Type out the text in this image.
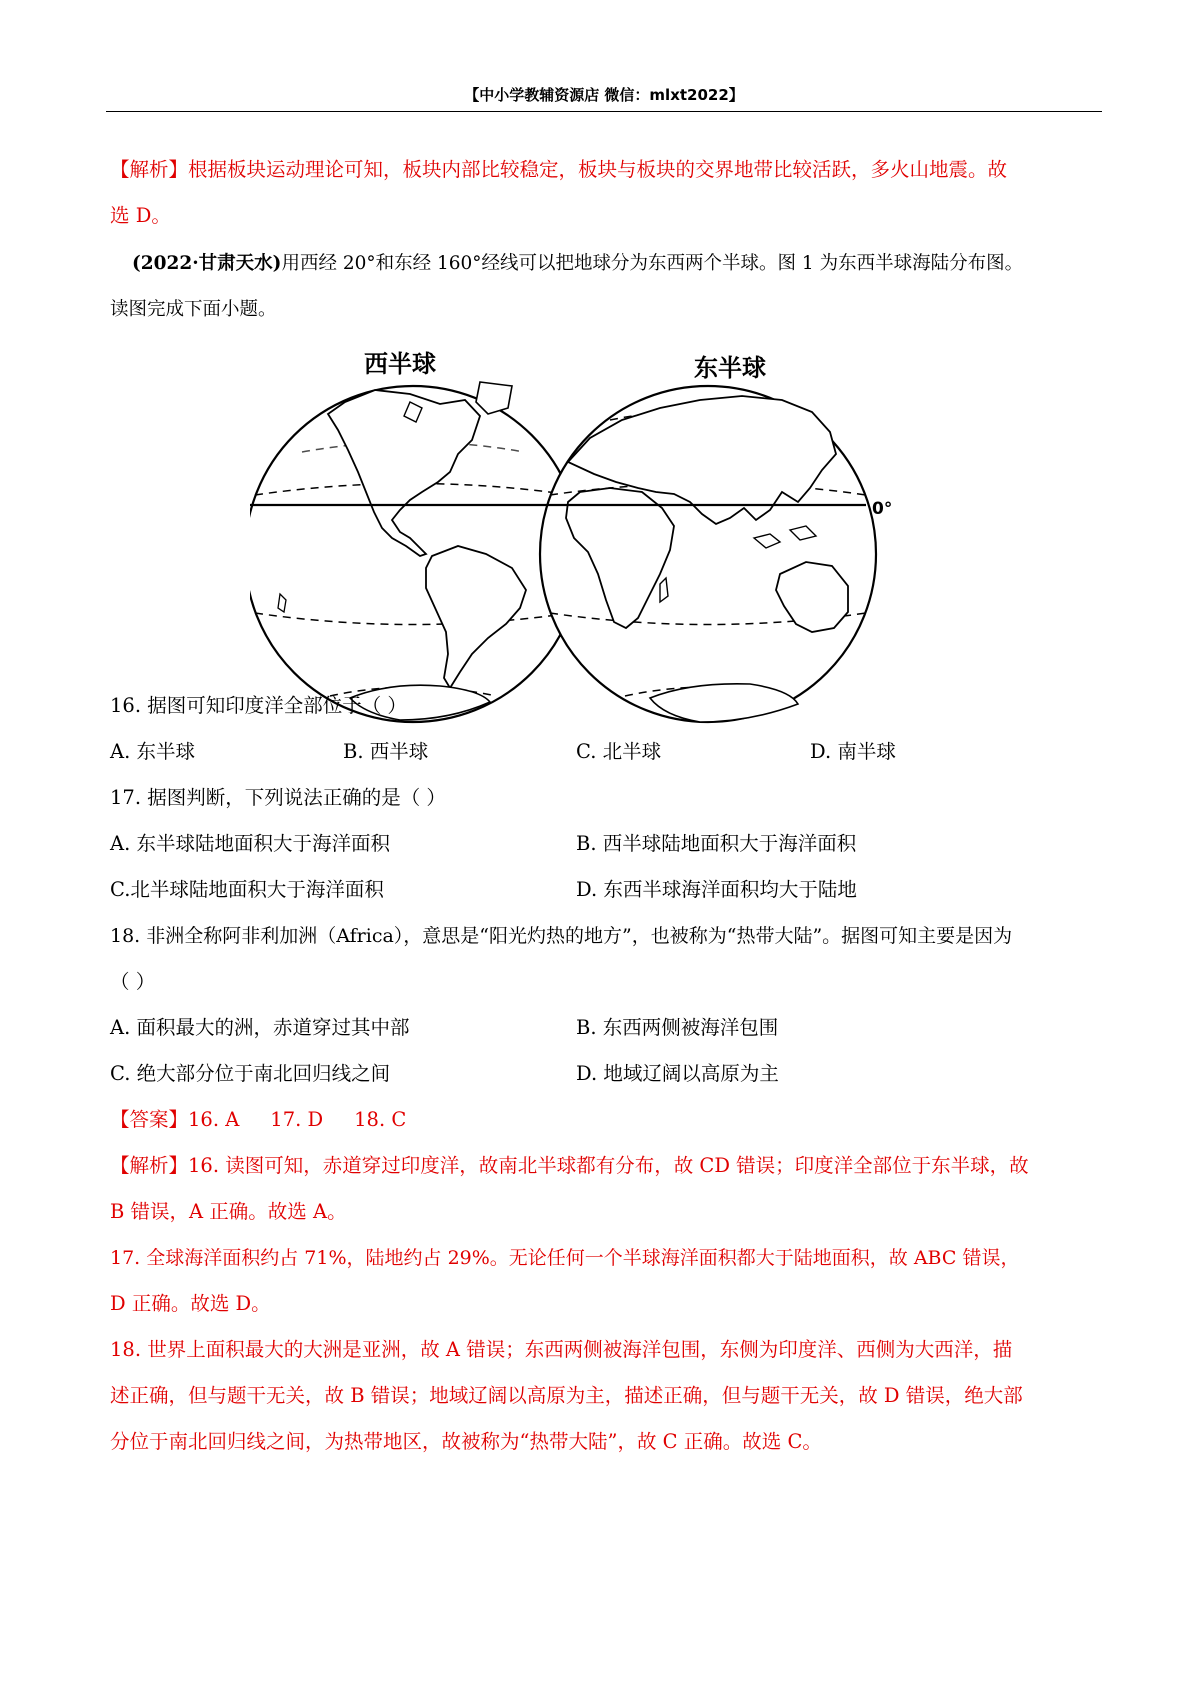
【中小学教辅资源店 微信：mlxt2022】
【解析】根据板块运动理论可知，板块内部比较稳定，板块与板块的交界地带比较活跃，多火山地震。故
选 D。
(2022·甘肃天水)用西经 20°和东经 160°经线可以把地球分为东西两个半球。图 1 为东西半球海陆分布图。
读图完成下面小题。
西半球	东半球
0°
16. 据图可知印度洋全部位于（ ）
A. 东半球	B. 西半球	C. 北半球	D. 南半球
17. 据图判断，下列说法正确的是（ ）
A. 东半球陆地面积大于海洋面积	B. 西半球陆地面积大于海洋面积
C.北半球陆地面积大于海洋面积	D. 东西半球海洋面积均大于陆地
18. 非洲全称阿非利加洲（Africa），意思是“阳光灼热的地方”，也被称为“热带大陆”。据图可知主要是因为
（ ）
A. 面积最大的洲，赤道穿过其中部	B. 东西两侧被海洋包围
C. 绝大部分位于南北回归线之间	D. 地域辽阔以高原为主
【答案】16. A     17. D     18. C
【解析】16. 读图可知，赤道穿过印度洋，故南北半球都有分布，故 CD 错误；印度洋全部位于东半球，故
B 错误，A 正确。故选 A。
17. 全球海洋面积约占 71%，陆地约占 29%。无论任何一个半球海洋面积都大于陆地面积，故 ABC 错误，
D 正确。故选 D。
18. 世界上面积最大的大洲是亚洲，故 A 错误；东西两侧被海洋包围，东侧为印度洋、西侧为大西洋，描
述正确，但与题干无关，故 B 错误；地域辽阔以高原为主，描述正确，但与题干无关，故 D 错误，绝大部
分位于南北回归线之间，为热带地区，故被称为“热带大陆”，故 C 正确。故选 C。
